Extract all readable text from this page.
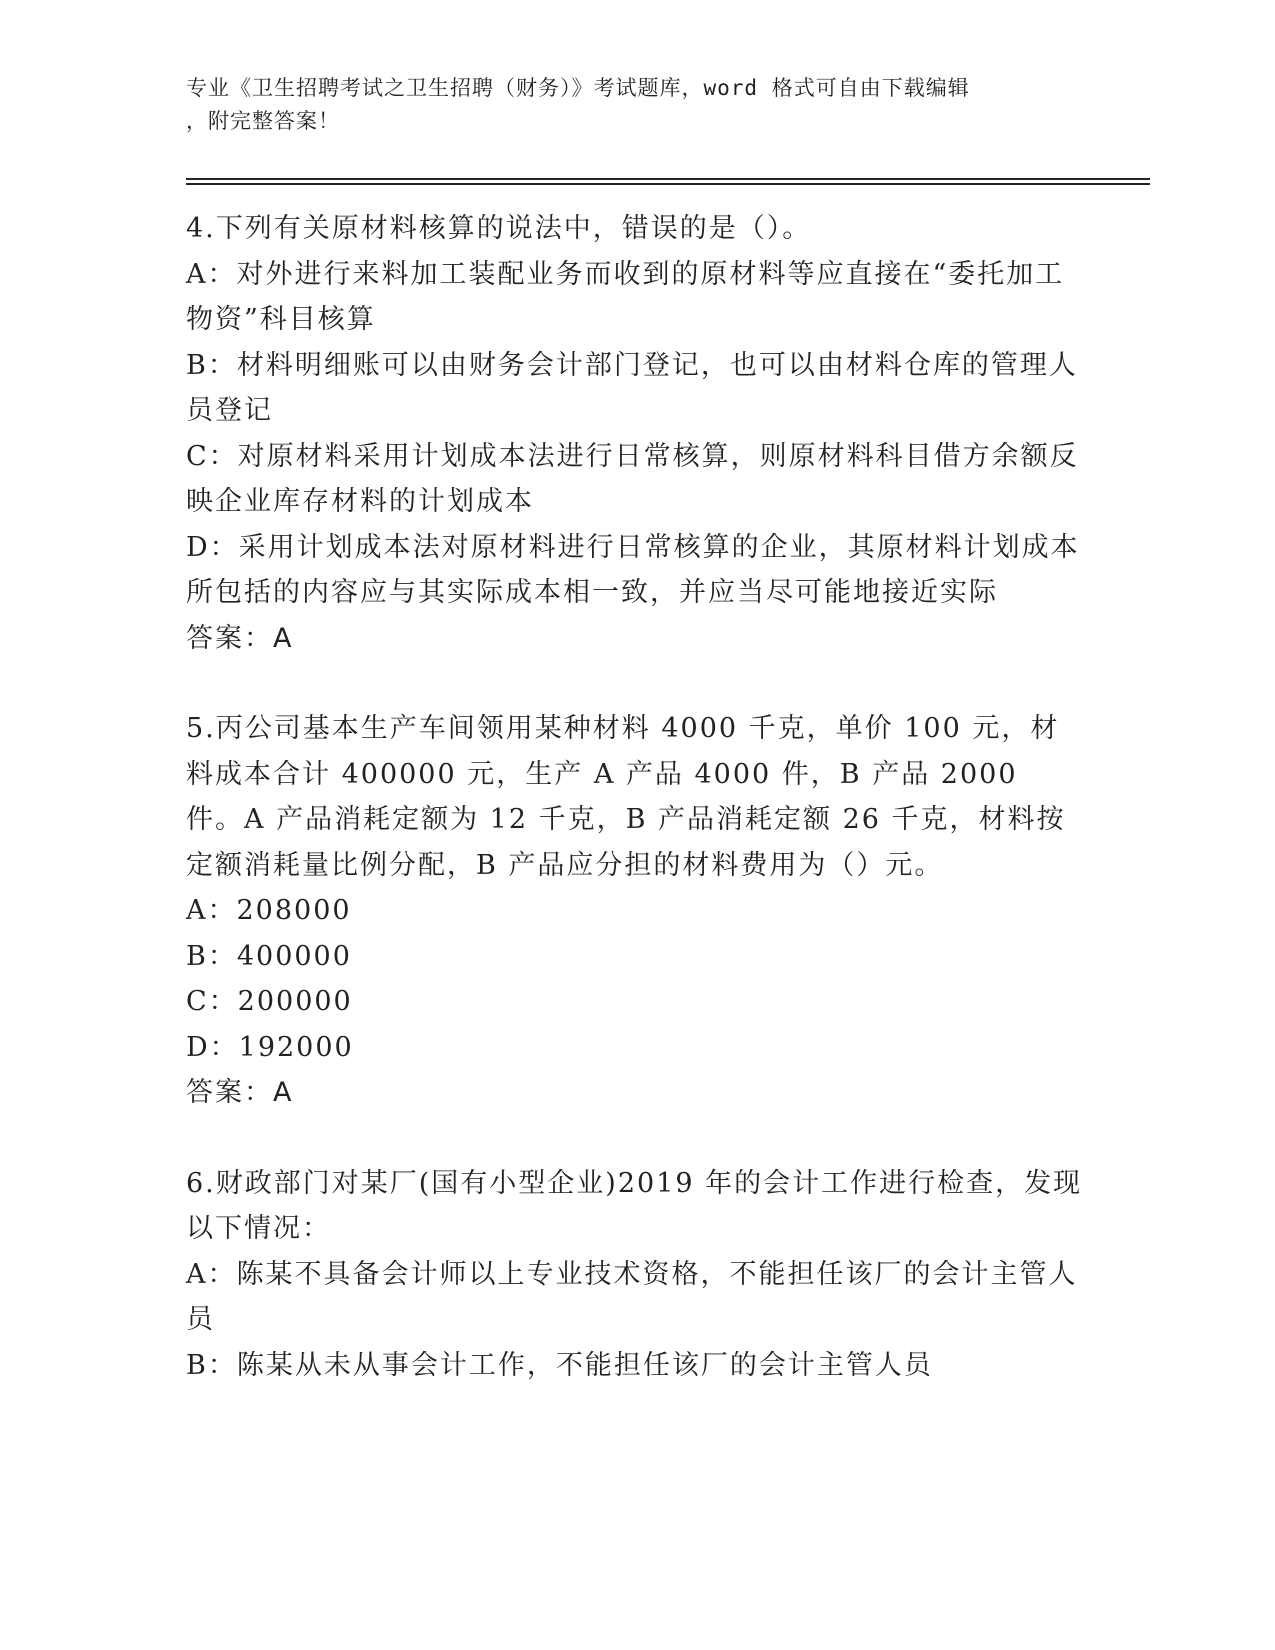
专业《卫生招聘考试之卫生招聘（财务）》考试题库，word 格式可自由下载编辑
，附完整答案！

4.下列有关原材料核算的说法中，错误的是（）。

A：对外进行来料加工装配业务而收到的原材料等应直接在“委托加工物资”科目核算

B：材料明细账可以由财务会计部门登记，也可以由材料仓库的管理人员登记

C：对原材料采用计划成本法进行日常核算，则原材料科目借方余额反映企业库存材料的计划成本

D：采用计划成本法对原材料进行日常核算的企业，其原材料计划成本所包括的内容应与其实际成本相一致，并应当尽可能地接近实际

答案：A

5.丙公司基本生产车间领用某种材料 4000 千克，单价 100 元，材料成本合计 400000 元，生产 A 产品 4000 件，B 产品 2000 件。A 产品消耗定额为 12 千克，B 产品消耗定额 26 千克，材料按定额消耗量比例分配，B 产品应分担的材料费用为（）元。

A：208000

B：400000

C：200000

D：192000

答案：A

6.财政部门对某厂(国有小型企业)2019 年的会计工作进行检查，发现以下情况：

A：陈某不具备会计师以上专业技术资格，不能担任该厂的会计主管人员

B：陈某从未从事会计工作，不能担任该厂的会计主管人员
